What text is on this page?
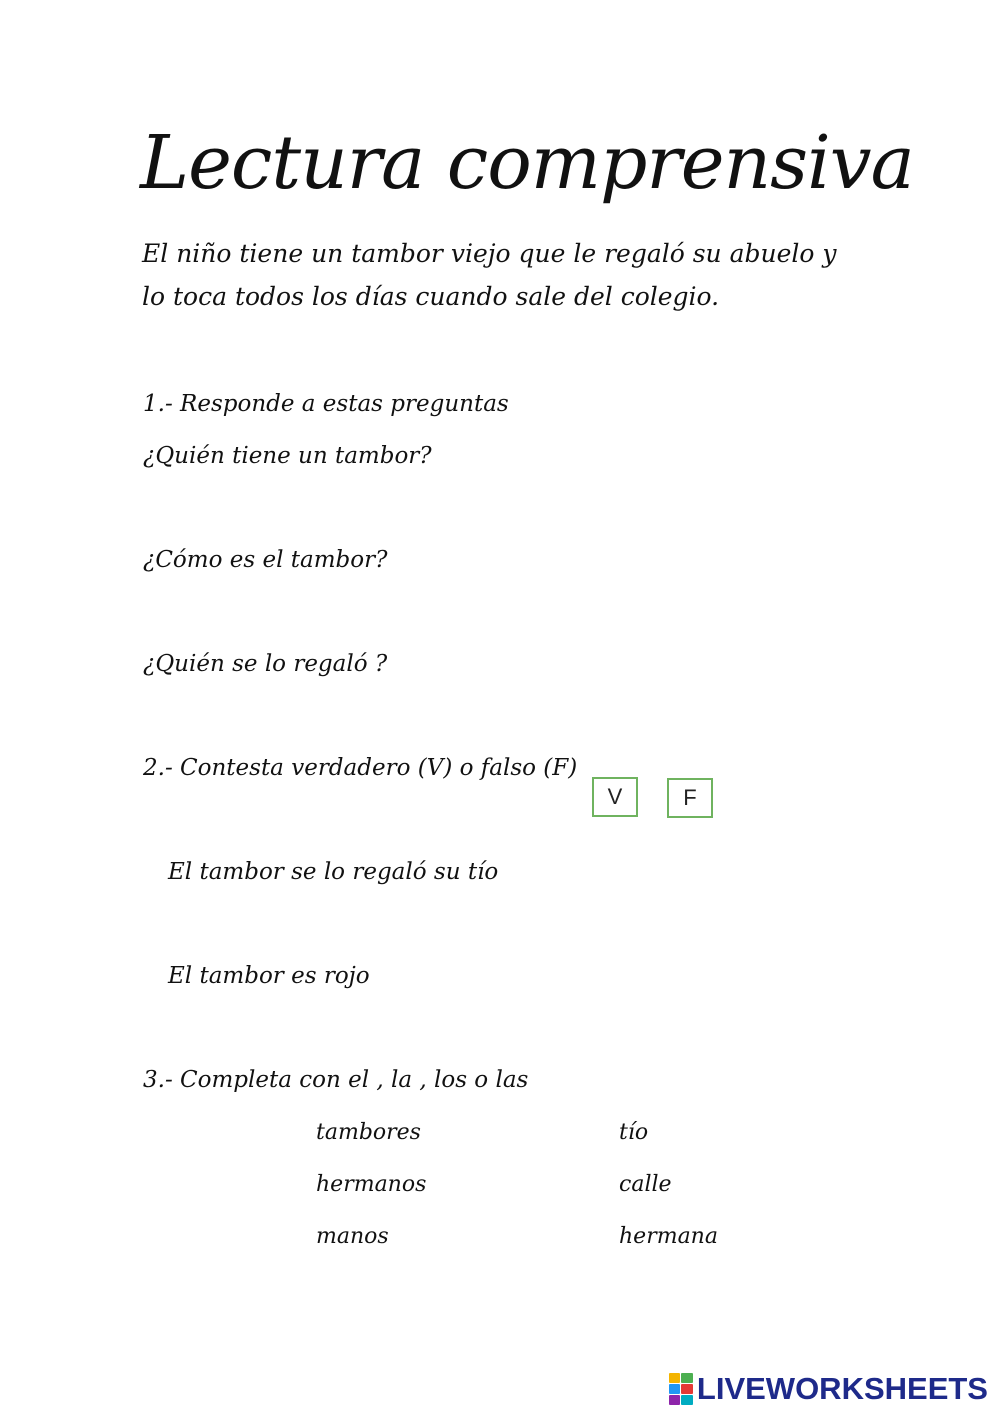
Lectura comprensiva
El niño tiene un tambor viejo que le regaló su abuelo y
lo toca todos los días cuando sale del colegio.
1.- Responde a estas preguntas
¿Quién tiene un tambor?
¿Cómo es el tambor?
¿Quién se lo regaló ?
2.- Contesta verdadero (V) o falso (F)
V	F
El tambor se lo regaló su tío
El tambor es rojo
3.- Completa con el , la , los o las
tambores
hermanos
manos
tío
calle
hermana
LIVEWORKSHEETS
